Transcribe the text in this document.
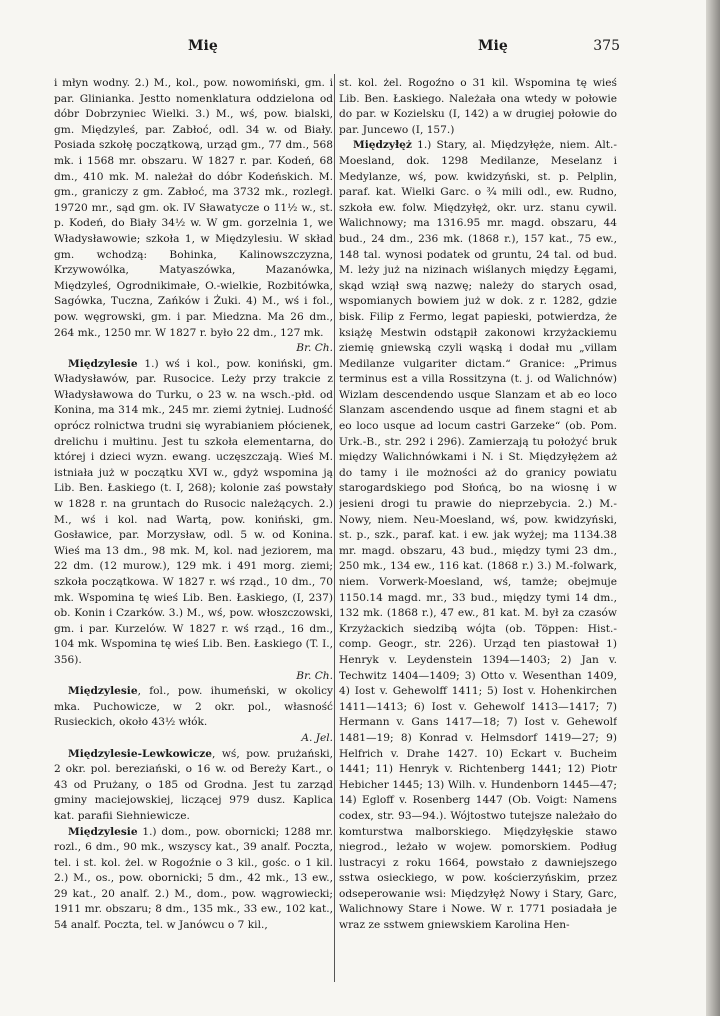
Mię	Mię	375

i młyn wodny. 2.) M., kol., pow. nowomiński, gm. i par. Glinianka. Jestto nomenklatura oddzielona od dóbr Dobrzyniec Wielki. 3.) M., wś, pow. bialski, gm. Międzyleś, par. Zabłoć, odl. 34 w. od Biały. Posiada szkołę początkową, urząd gm., 77 dm., 568 mk. i 1568 mr. obszaru. W 1827 r. par. Kodeń, 68 dm., 410 mk. M. należał do dóbr Kodeńskich. M. gm., graniczy z gm. Zabłoć, ma 3732 mk., rozległ. 19720 mr., sąd gm. ok. IV Sławatycze o 11½ w., st. p. Kodeń, do Biały 34½ w. W gm. gorzelnia 1, we Władysławowie; szkoła 1, w Międzylesiu. W skład gm. wchodzą: Bohinka, Kalinowszczyzna, Krzywowólka, Matyaszówka, Mazanówka, Międzyleś, Ogrodnikimałe, O.-wielkie, Rozbitówka, Sagówka, Tuczna, Zańków i Żuki. 4) M., wś i fol., pow. węgrowski, gm. i par. Miedzna. Ma 26 dm., 264 mk., 1250 mr. W 1827 r. było 22 dm., 127 mk.
Br. Ch.

Międzylesie 1.) wś i kol., pow. koniński, gm. Władysławów, par. Rusocice. Leży przy trakcie z Władysławowa do Turku, o 23 w. na wsch.-płd. od Konina, ma 314 mk., 245 mr. ziemi żytniej. Ludność oprócz rolnictwa trudni się wyrabianiem płócienek, drelichu i mułtinu. Jest tu szkoła elementarna, do której i dzieci wyzn. ewang. uczęszczają. Wieś M. istniała już w początku XVI w., gdyż wspomina ją Lib. Ben. Łaskiego (t. I, 268); kolonie zaś powstały w 1828 r. na gruntach do Rusocic należących. 2.) M., wś i kol. nad Wartą, pow. koniński, gm. Gosławice, par. Morzysław, odl. 5 w. od Konina. Wieś ma 13 dm., 98 mk. M, kol. nad jeziorem, ma 22 dm. (12 murow.), 129 mk. i 491 morg. ziemi; szkoła początkowa. W 1827 r. wś rząd., 10 dm., 70 mk. Wspomina tę wieś Lib. Ben. Łaskiego, (I, 237) ob. Konin i Czarków. 3.) M., wś, pow. włoszczowski, gm. i par. Kurzelów. W 1827 r. wś rząd., 16 dm., 104 mk. Wspomina tę wieś Lib. Ben. Łaskiego (T. I., 356).
Br. Ch.

Międzylesie, fol., pow. ihumeński, w okolicy mka. Puchowicze, w 2 okr. pol., własność Rusieckich, około 43½ włók.
A. Jel.

Międzylesie-Lewkowicze, wś, pow. prużański, 2 okr. pol. bereziański, o 16 w. od Bereży Kart., o 43 od Prużany, o 185 od Grodna. Jest tu zarząd gminy maciejowskiej, liczącej 979 dusz. Kaplica kat. parafii Siehniewicze.

Międzylesie 1.) dom., pow. obornicki; 1288 mr. rozl., 6 dm., 90 mk., wszyscy kat., 39 analf. Poczta, tel. i st. kol. żel. w Rogoźnie o 3 kil., gośc. o 1 kil. 2.) M., os., pow. obornicki; 5 dm., 42 mk., 13 ew., 29 kat., 20 analf. 2.) M., dom., pow. wągrowiecki; 1911 mr. obszaru; 8 dm., 135 mk., 33 ew., 102 kat., 54 analf. Poczta, tel. w Janówcu o 7 kil.,

st. kol. żel. Rogoźno o 31 kil. Wspomina tę wieś Lib. Ben. Łaskiego. Należała ona wtedy w połowie do par. w Kozielsku (I, 142) a w drugiej połowie do par. Juncewo (I, 157.)

Międzyłęż 1.) Stary, al. Międzyłęże, niem. Alt.-Moesland, dok. 1298 Medilanze, Meselanz i Medylanze, wś, pow. kwidzyński, st. p. Pelplin, paraf. kat. Wielki Garc. o ¾ mili odl., ew. Rudno, szkoła ew. folw. Międzyłęż, okr. urz. stanu cywil. Walichnowy; ma 1316.95 mr. magd. obszaru, 44 bud., 24 dm., 236 mk. (1868 r.), 157 kat., 75 ew., 148 tal. wynosi podatek od gruntu, 24 tal. od bud. M. leży już na nizinach wiślanych między Łęgami, skąd wziął swą nazwę; należy do starych osad, wspomianych bowiem już w dok. z r. 1282, gdzie bisk. Filip z Fermo, legat papieski, potwierdza, że książę Mestwin odstąpił zakonowi krzyżackiemu ziemię gniewską czyli wąską i dodał mu „villam Medilanze vulgariter dictam.“ Granice: „Primus terminus est a villa Rossitzyna (t. j. od Walichnów) Wizlam descendendo usque Slanzam et ab eo loco Slanzam ascendendo usque ad finem stagni et ab eo loco usque ad locum castri Garzeke“ (ob. Pom. Urk.-B., str. 292 i 296). Zamierzają tu położyć bruk między Walichnówkami i N. i St. Międzyłężem aż do tamy i ile możności aż do granicy powiatu starogardskiego pod Słońcą, bo na wiosnę i w jesieni drogi tu prawie do nieprzebycia. 2.) M.-Nowy, niem. Neu-Moesland, wś, pow. kwidzyński, st. p., szk., paraf. kat. i ew. jak wyżej; ma 1134.38 mr. magd. obszaru, 43 bud., między tymi 23 dm., 250 mk., 134 ew., 116 kat. (1868 r.) 3.) M.-folwark, niem. Vorwerk-Moesland, wś, tamże; obejmuje 1150.14 magd. mr., 33 bud., między tymi 14 dm., 132 mk. (1868 r.), 47 ew., 81 kat. M. był za czasów Krzyżackich siedzibą wójta (ob. Töppen: Hist.-comp. Geogr., str. 226). Urząd ten piastował 1) Henryk v. Leydenstein 1394—1403; 2) Jan v. Techwitz 1404—1409; 3) Otto v. Wesenthan 1409, 4) Iost v. Gehewolff 1411; 5) Iost v. Hohenkirchen 1411—1413; 6) Iost v. Gehewolf 1413—1417; 7) Hermann v. Gans 1417—18; 7) Iost v. Gehewolf 1481—19; 8) Konrad v. Helmsdorf 1419—27; 9) Helfrich v. Drahe 1427. 10) Eckart v. Bucheim 1441; 11) Henryk v. Richtenberg 1441; 12) Piotr Hebicher 1445; 13) Wilh. v. Hundenborn 1445—47; 14) Egloff v. Rosenberg 1447 (Ob. Voigt: Namens codex, str. 93—94.). Wójtostwo tutejsze należało do komturstwa malborskiego. Międzyłęskie stawo niegrod., leżało w wojew. pomorskiem. Podług lustracyi z roku 1664, powstało z dawniejszego sstwa osieckiego, w pow. kościerzyńskim, przez odseperowanie wsi: Międzyłęż Nowy i Stary, Garc, Walichnowy Stare i Nowe. W r. 1771 posiadała je wraz ze sstwem gniewskiem Karolina Hen-
